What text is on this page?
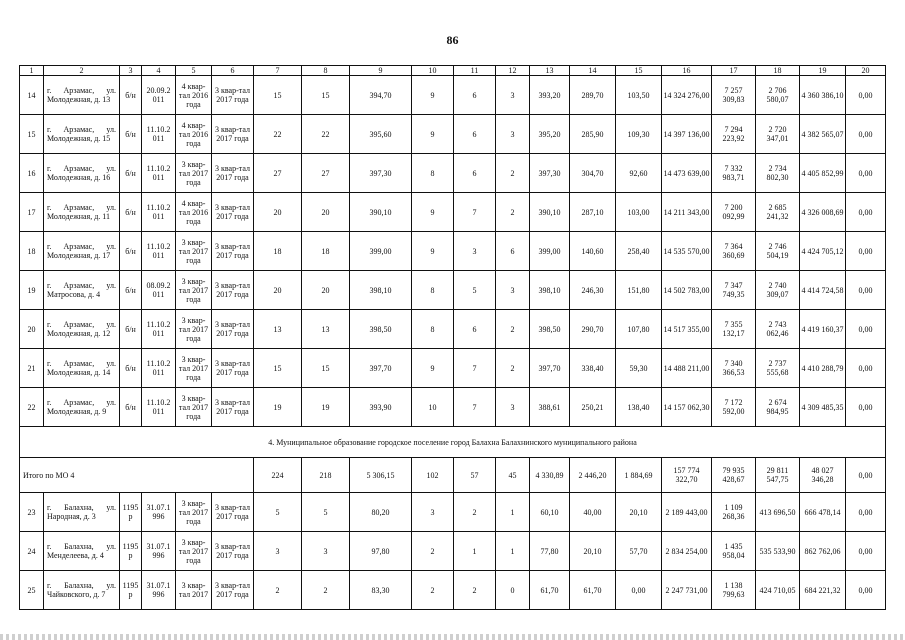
86
1	2	3	4	5	6	7	8	9	10	11	12	13	14	15	16	17	18	19	20
14	г. Арзамас, ул. Молодежная, д. 13	б/н	20.09.2 011	4 квар-тал 2016 года	3 квар-тал 2017 года	15	15	394,70	9	6	3	393,20	289,70	103,50	14 324 276,00	7 257 309,83	2 706 580,07	4 360 386,10	0,00
15	г. Арзамас, ул. Молодежная, д. 15	б/н	11.10.2 011	4 квар-тал 2016 года	3 квар-тал 2017 года	22	22	395,60	9	6	3	395,20	285,90	109,30	14 397 136,00	7 294 223,92	2 720 347,01	4 382 565,07	0,00
16	г. Арзамас, ул. Молодежная, д. 16	б/н	11.10.2 011	3 квар-тал 2017 года	3 квар-тал 2017 года	27	27	397,30	8	6	2	397,30	304,70	92,60	14 473 639,00	7 332 983,71	2 734 802,30	4 405 852,99	0,00
17	г. Арзамас, ул. Молодежная, д. 11	б/н	11.10.2 011	4 квар-тал 2016 года	3 квар-тал 2017 года	20	20	390,10	9	7	2	390,10	287,10	103,00	14 211 343,00	7 200 092,99	2 685 241,32	4 326 008,69	0,00
18	г. Арзамас, ул. Молодежная, д. 17	б/н	11.10.2 011	3 квар-тал 2017 года	3 квар-тал 2017 года	18	18	399,00	9	3	6	399,00	140,60	258,40	14 535 570,00	7 364 360,69	2 746 504,19	4 424 705,12	0,00
19	г. Арзамас, ул. Матросова, д. 4	б/н	08.09.2 011	3 квар-тал 2017 года	3 квар-тал 2017 года	20	20	398,10	8	5	3	398,10	246,30	151,80	14 502 783,00	7 347 749,35	2 740 309,07	4 414 724,58	0,00
20	г. Арзамас, ул. Молодежная, д. 12	б/н	11.10.2 011	3 квар-тал 2017 года	3 квар-тал 2017 года	13	13	398,50	8	6	2	398,50	290,70	107,80	14 517 355,00	7 355 132,17	2 743 062,46	4 419 160,37	0,00
21	г. Арзамас, ул. Молодежная, д. 14	б/н	11.10.2 011	3 квар-тал 2017 года	3 квар-тал 2017 года	15	15	397,70	9	7	2	397,70	338,40	59,30	14 488 211,00	7 340 366,53	2 737 555,68	4 410 288,79	0,00
22	г. Арзамас, ул. Молодежная, д. 9	б/н	11.10.2 011	3 квар-тал 2017 года	3 квар-тал 2017 года	19	19	393,90	10	7	3	388,61	250,21	138,40	14 157 062,30	7 172 592,00	2 674 984,95	4 309 485,35	0,00
4. Муниципальное образование городское поселение город Балахна Балахнинского муниципального района																			
Итого по МО 4						224	218	5 306,15	102	57	45	4 330,89	2 446,20	1 884,69	157 774 322,70	79 935 428,67	29 811 547,75	48 027 346,28	0,00
23	г. Балахна, ул. Народная, д. 3	1195 р	31.07.1 996	3 квар-тал 2017 года	3 квар-тал 2017 года	5	5	80,20	3	2	1	60,10	40,00	20,10	2 189 443,00	1 109 268,36	413 696,50	666 478,14	0,00
24	г. Балахна, ул. Менделеева, д. 4	1195 р	31.07.1 996	3 квар-тал 2017 года	3 квар-тал 2017 года	3	3	97,80	2	1	1	77,80	20,10	57,70	2 834 254,00	1 435 958,04	535 533,90	862 762,06	0,00
25	г. Балахна, ул. Чайковского, д. 7	1195 р	31.07.1 996	3 квар-тал 2017	3 квар-тал 2017 года	2	2	83,30	2	2	0	61,70	61,70	0,00	2 247 731,00	1 138 799,63	424 710,05	684 221,32	0,00
